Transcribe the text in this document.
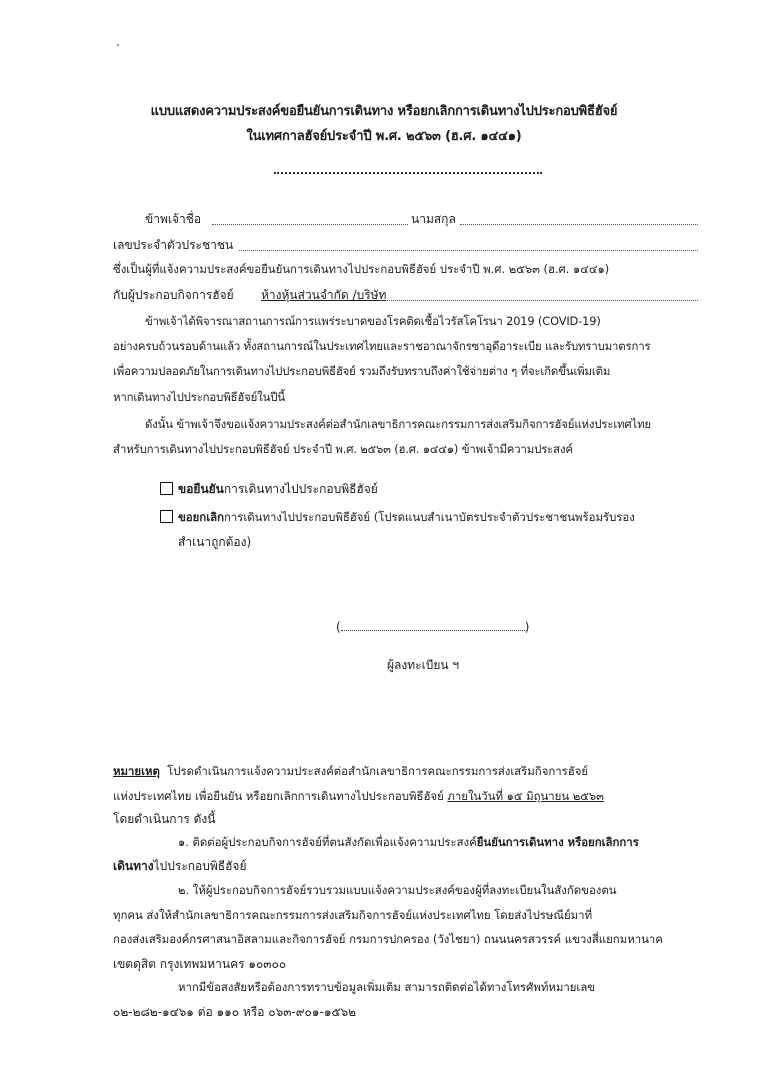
แบบแสดงความประสงค์ขอยืนยันการเดินทาง หรือยกเลิกการเดินทางไปประกอบพิธีฮัจย์
ในเทศกาลฮัจย์ประจำปี พ.ศ. ๒๕๖๓ (ฮ.ศ. ๑๔๔๑)
ข้าพเจ้าชื่อ	นามสกุล
เลขประจำตัวประชาชน
ซึ่งเป็นผู้ที่แจ้งความประสงค์ขอยืนยันการเดินทางไปประกอบพิธีฮัจย์ ประจำปี พ.ศ. ๒๕๖๓ (ฮ.ศ. ๑๔๔๑)
กับผู้ประกอบกิจการฮัจย์ ห้างหุ้นส่วนจำกัด /บริษัท
ข้าพเจ้าได้พิจารณาสถานการณ์การแพร่ระบาดของโรคติดเชื้อไวรัสโคโรนา 2019 (COVID-19)
อย่างครบถ้วนรอบด้านแล้ว ทั้งสถานการณ์ในประเทศไทยและราชอาณาจักรซาอุดีอาระเบีย และรับทราบมาตรการ
เพื่อความปลอดภัยในการเดินทางไปประกอบพิธีฮัจย์ รวมถึงรับทราบถึงค่าใช้จ่ายต่าง ๆ ที่จะเกิดขึ้นเพิ่มเติม
หากเดินทางไปประกอบพิธีฮัจย์ในปีนี้
ดังนั้น ข้าพเจ้าจึงขอแจ้งความประสงค์ต่อสำนักเลขาธิการคณะกรรมการส่งเสริมกิจการฮัจย์แห่งประเทศไทย
สำหรับการเดินทางไปประกอบพิธีฮัจย์ ประจำปี พ.ศ. ๒๕๖๓ (ฮ.ศ. ๑๔๔๑) ข้าพเจ้ามีความประสงค์
ขอยืนยันการเดินทางไปประกอบพิธีฮัจย์
ขอยกเลิกการเดินทางไปประกอบพิธีฮัจย์ (โปรดแนบสำเนาบัตรประจำตัวประชาชนพร้อมรับรอง
สำเนาถูกต้อง)
(	)
ผู้ลงทะเบียน ฯ
หมายเหตุ โปรดดำเนินการแจ้งความประสงค์ต่อสำนักเลขาธิการคณะกรรมการส่งเสริมกิจการฮัจย์
แห่งประเทศไทย เพื่อยืนยัน หรือยกเลิกการเดินทางไปประกอบพิธีฮัจย์ ภายในวันที่ ๑๕ มิถุนายน ๒๕๖๓
โดยดำเนินการ ดังนี้
๑. ติดต่อผู้ประกอบกิจการฮัจย์ที่ตนสังกัดเพื่อแจ้งความประสงค์ยืนยันการเดินทาง หรือยกเลิกการ
เดินทางไปประกอบพิธีฮัจย์
๒. ให้ผู้ประกอบกิจการฮัจย์รวบรวมแบบแจ้งความประสงค์ของผู้ที่ลงทะเบียนในสังกัดของตน
ทุกคน ส่งให้สำนักเลขาธิการคณะกรรมการส่งเสริมกิจการฮัจย์แห่งประเทศไทย โดยส่งไปรษณีย์มาที่
กองส่งเสริมองค์กรศาสนาอิสลามและกิจการฮัจย์ กรมการปกครอง (วังไชยา) ถนนนครสวรรค์ แขวงสี่แยกมหานาค
เขตดุสิต กรุงเทพมหานคร ๑๐๓๐๐
หากมีข้อสงสัยหรือต้องการทราบข้อมูลเพิ่มเติม สามารถติดต่อได้ทางโทรศัพท์หมายเลข
๐๒-๒๘๒-๑๔๖๑ ต่อ ๑๑๐ หรือ ๐๖๓-๙๐๑-๑๕๖๒
